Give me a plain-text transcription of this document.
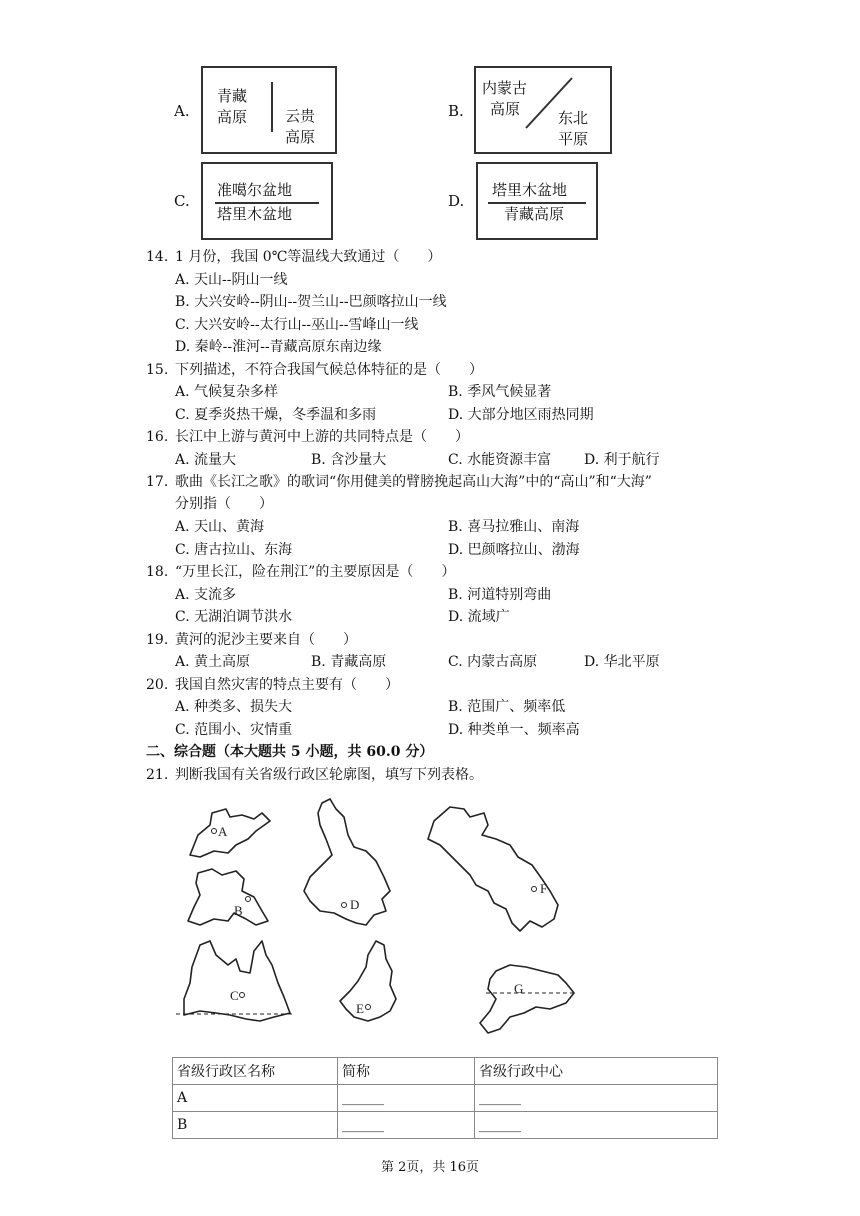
A.
青藏
高原	云贵
高原
B.
内蒙古
高原	东北
平原
C.
准噶尔盆地
塔里木盆地
D.
塔里木盆地
青藏高原
14. 1 月份，我国 0℃等温线大致通过（　　）
A. 天山--阴山一线
B. 大兴安岭--阴山--贺兰山--巴颜喀拉山一线
C. 大兴安岭--太行山--巫山--雪峰山一线
D. 秦岭--淮河--青藏高原东南边缘
15. 下列描述，不符合我国气候总体特征的是（　　）
A. 气候复杂多样	B. 季风气候显著
C. 夏季炎热干燥，冬季温和多雨	D. 大部分地区雨热同期
16. 长江中上游与黄河中上游的共同特点是（　　）
A. 流量大	B. 含沙量大	C. 水能资源丰富 D. 利于航行
17. 歌曲《长江之歌》的歌词“你用健美的臂膀挽起高山大海”中的“高山”和“大海”
分别指（　　）
A. 天山、黄海	B. 喜马拉雅山、南海
C. 唐古拉山、东海	D. 巴颜喀拉山、渤海
18. “万里长江，险在荆江”的主要原因是（　　）
A. 支流多	B. 河道特别弯曲
C. 无湖泊调节洪水	D. 流域广
19. 黄河的泥沙主要来自（　　）
A. 黄土高原	B. 青藏高原	C. 内蒙古高原	D. 华北平原
20. 我国自然灾害的特点主要有（　　）
A. 种类多、损失大	B. 范围广、频率低
C. 范围小、灾情重	D. 种类单一、频率高
二、综合题（本大题共 5 小题，共 60.0 分）
21. 判断我国有关省级行政区轮廓图，填写下列表格。
A
B
C
D
E
F
G
省级行政区名称	简称	省级行政中心
A	______	______
B	______	______
第 2页，共 16页
